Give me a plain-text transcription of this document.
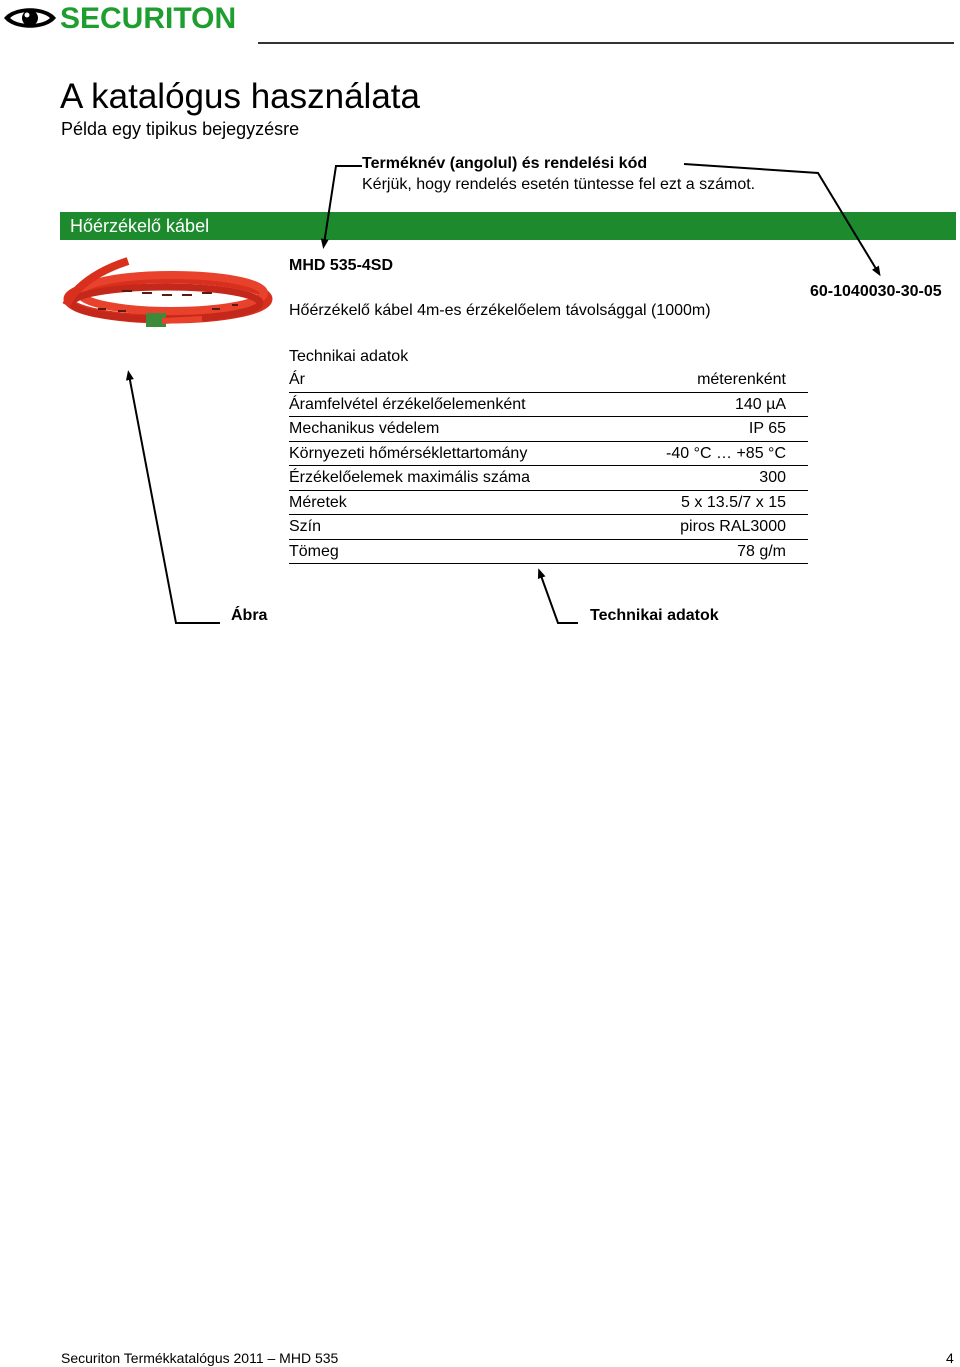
SECURITON
A katalógus használata
Példa egy tipikus bejegyzésre
Terméknév (angolul) és rendelési kód
Kérjük, hogy rendelés esetén tüntesse fel ezt a számot.
Hőérzékelő kábel
MHD 535-4SD
Hőérzékelő kábel 4m-es érzékelőelem távolsággal (1000m)
60-1040030-30-05
Technikai adatok
Ár	méterenként
Áramfelvétel érzékelőelemenként	140 µA
Mechanikus védelem	IP 65
Környezeti hőmérséklettartomány	-40 °C … +85 °C
Érzékelőelemek maximális száma	300
Méretek	5 x 13.5/7 x 15
Szín	piros RAL3000
Tömeg	78 g/m
Ábra	Technikai adatok
Securiton Termékkatalógus 2011 – MHD 535	4
